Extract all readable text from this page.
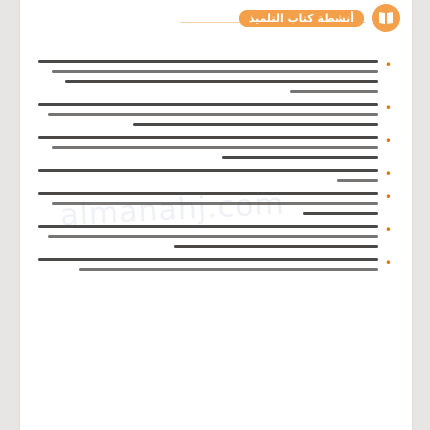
أنشطة كتاب التلميذ
almanahj.com
•
•
•
•
•
•
•
